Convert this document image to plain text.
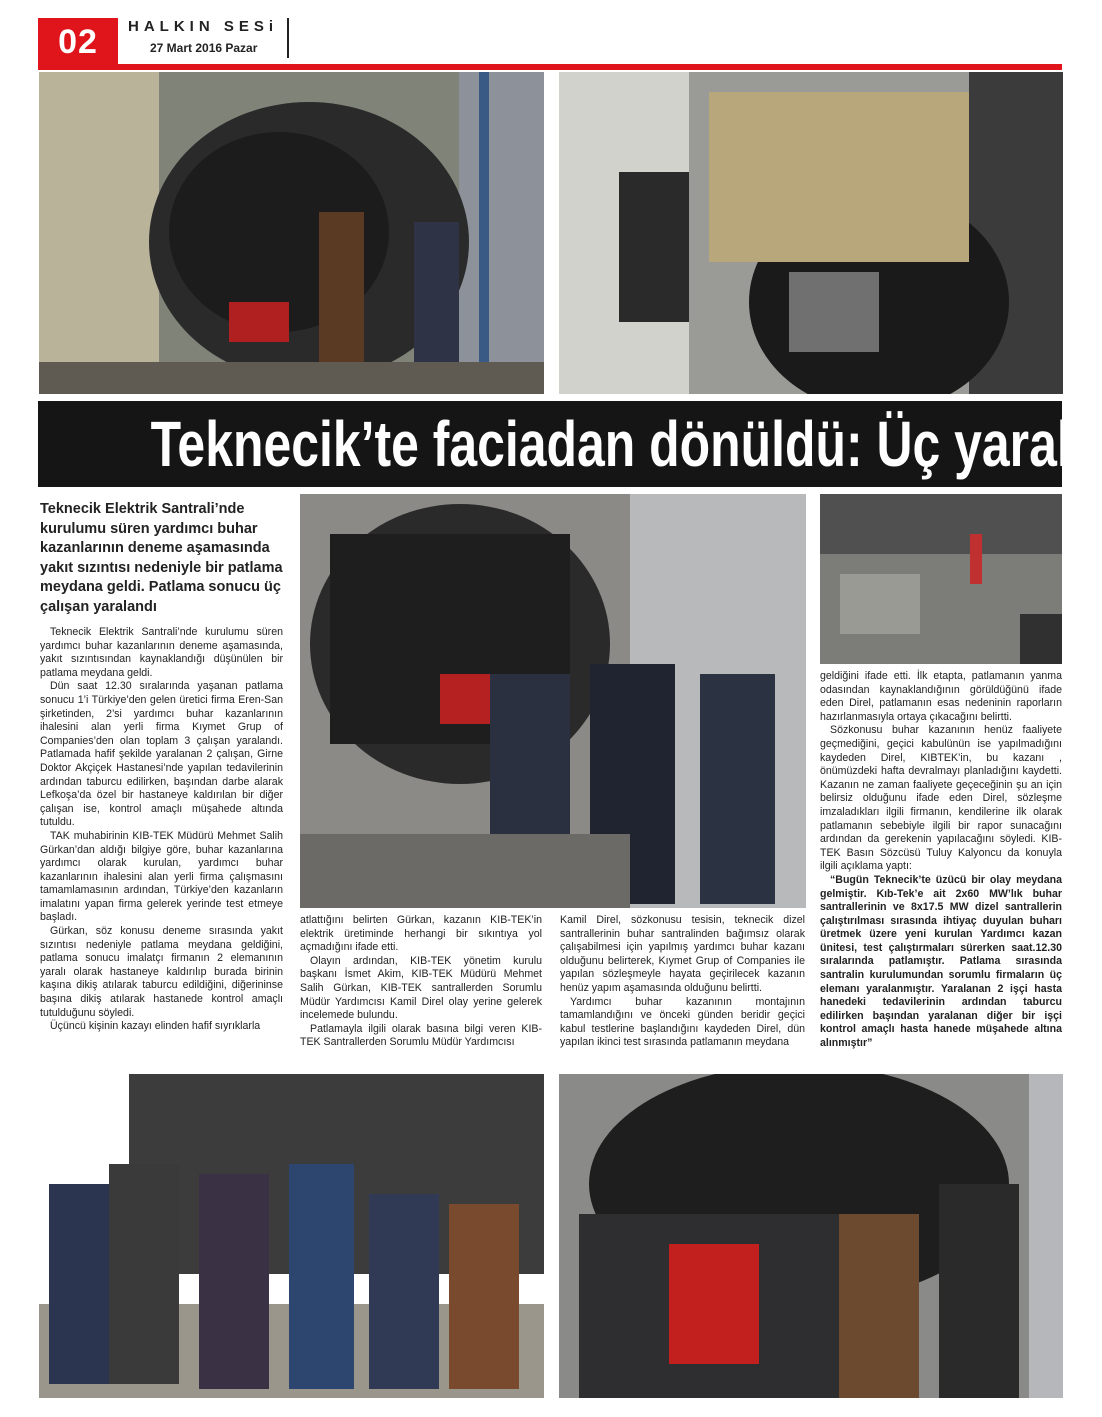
02	HALKIN SESi
27 Mart 2016 Pazar
Teknecik’te faciadan dönüldü: Üç yaralı
Teknecik Elektrik Santrali’nde kurulumu süren yardımcı buhar kazanlarının deneme aşamasında yakıt sızıntısı nedeniyle bir patlama meydana geldi. Patlama sonucu üç çalışan yaralandı

Teknecik Elektrik Santrali’nde kurulumu süren yardımcı buhar kazanlarının deneme aşamasında, yakıt sızıntısından kaynaklandığı düşünülen bir patlama meydana geldi.

Dün saat 12.30 sıralarında yaşanan patlama sonucu 1’i Türkiye’den gelen üretici firma Eren-San şirketinden, 2’si yardımcı buhar kazanlarının ihalesini alan yerli firma Kıymet Grup of Companies’den olan toplam 3 çalışan yaralandı. Patlamada hafif şekilde yaralanan 2 çalışan, Girne Doktor Akçiçek Hastanesi’nde yapılan tedavilerinin ardından taburcu edilirken, başından darbe alarak Lefkoşa’da özel bir hastaneye kaldırılan bir diğer çalışan ise, kontrol amaçlı müşahede altında tutuldu.

TAK muhabirinin KIB-TEK Müdürü Mehmet Salih Gürkan’dan aldığı bilgiye göre, buhar kazanlarına yardımcı olarak kurulan, yardımcı buhar kazanlarının ihalesini alan yerli firma çalışmasını tamamlamasının ardından, Türkiye’den kazanların imalatını yapan firma gelerek yerinde test etmeye başladı.

Gürkan, söz konusu deneme sırasında yakıt sızıntısı nedeniyle patlama meydana geldiğini, patlama sonucu imalatçı firmanın 2 elemanının yaralı olarak hastaneye kaldırılıp burada birinin kaşına dikiş atılarak taburcu edildiğini, diğerininse başına dikiş atılarak hastanede kontrol amaçlı tutulduğunu söyledi.

Üçüncü kişinin kazayı elinden hafif sıyrıklarla

atlattığını belirten Gürkan, kazanın KIB-TEK’in elektrik üretiminde herhangi bir sıkıntıya yol açmadığını ifade etti.

Olayın ardından, KIB-TEK yönetim kurulu başkanı İsmet Akim, KIB-TEK Müdürü Mehmet Salih Gürkan, KIB-TEK santrallerden Sorumlu Müdür Yardımcısı Kamil Direl olay yerine gelerek incelemede bulundu.

Patlamayla ilgili olarak basına bilgi veren KIB-TEK Santrallerden Sorumlu Müdür Yardımcısı

Kamil Direl, sözkonusu tesisin, teknecik dizel santrallerinin buhar santralinden bağımsız olarak çalışabilmesi için yapılmış yardımcı buhar kazanı olduğunu belirterek, Kıymet Grup of Companies ile yapılan sözleşmeyle hayata geçirilecek kazanın henüz yapım aşamasında olduğunu belirtti.

Yardımcı buhar kazanının montajının tamamlandığını ve önceki günden beridir geçici kabul testlerine başlandığını kaydeden Direl, dün yapılan ikinci test sırasında patlamanın meydana

geldiğini ifade etti. İlk etapta, patlamanın yanma odasından kaynaklandığının görüldüğünü ifade eden Direl, patlamanın esas nedeninin raporların hazırlanmasıyla ortaya çıkacağını belirtti.

Sözkonusu buhar kazanının henüz faaliyete geçmediğini, geçici kabulünün ise yapılmadığını kaydeden Direl, KIBTEK’in, bu kazanı , önümüzdeki hafta devralmayı planladığını kaydetti. Kazanın ne zaman faaliyete geçeceğinin şu an için belirsiz olduğunu ifade eden Direl, sözleşme imzaladıkları ilgili firmanın, kendilerine ilk olarak patlamanın sebebiyle ilgili bir rapor sunacağını ardından da gerekenin yapılacağını söyledi. KIB-TEK Basın Sözcüsü Tuluy Kalyoncu da konuyla ilgili açıklama yaptı:

“Bugün Teknecik’te üzücü bir olay meydana gelmiştir. Kıb-Tek’e ait 2x60 MW’lık buhar santrallerinin ve 8x17.5 MW dizel santrallerin çalıştırılması sırasında ihtiyaç duyulan buharı üretmek üzere yeni kurulan Yardımcı kazan ünitesi, test çalıştırmaları sürerken saat.12.30 sıralarında patlamıştır. Patlama sırasında santralin kurulumundan sorumlu firmaların üç elemanı yaralanmıştır. Yaralanan 2 işçi hasta hanedeki tedavilerinin ardından taburcu edilirken başından yaralanan diğer bir işçi kontrol amaçlı hasta hanede müşahede altına alınmıştır”
